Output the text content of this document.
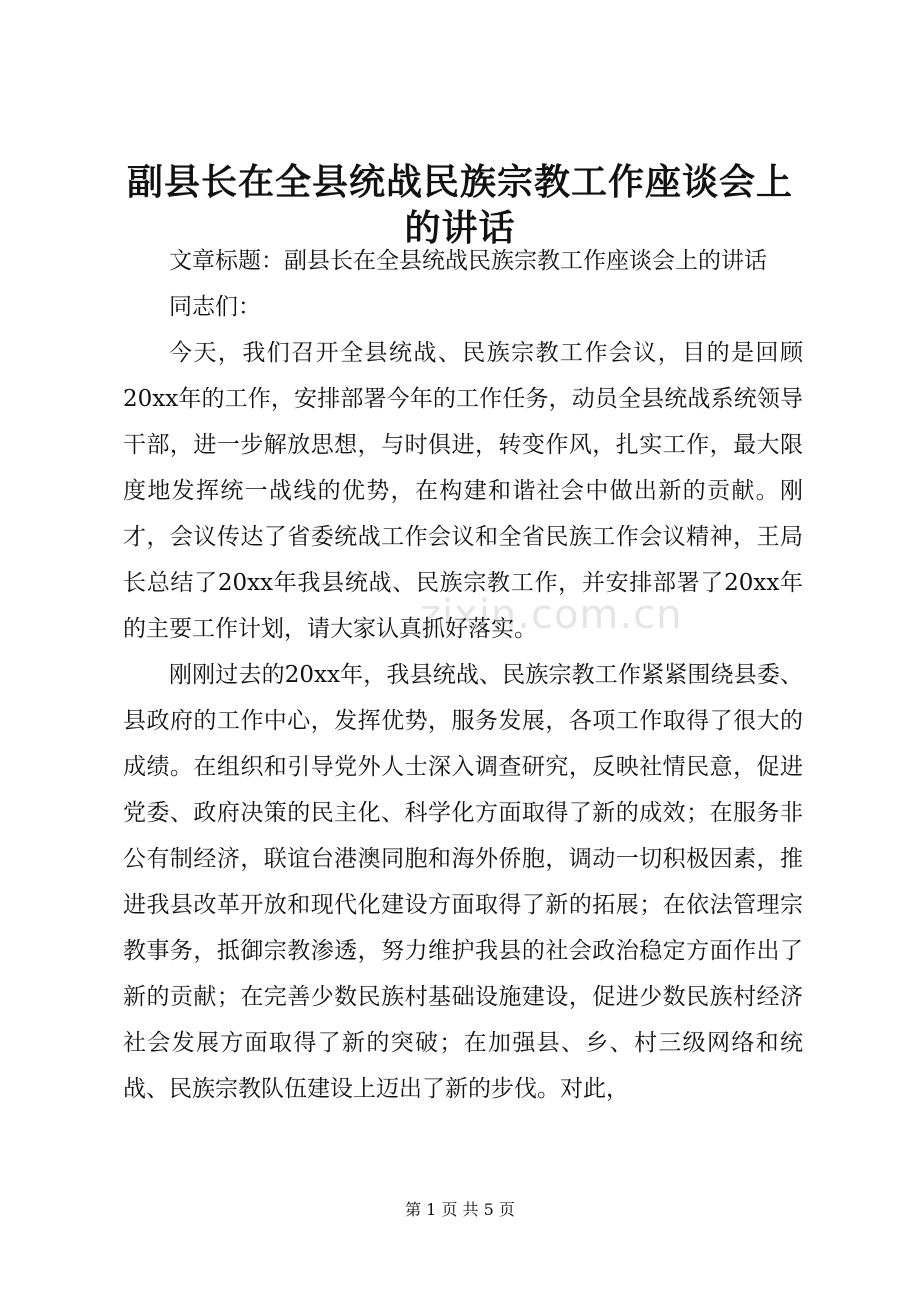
副县长在全县统战民族宗教工作座谈会上的讲话

文章标题：副县长在全县统战民族宗教工作座谈会上的讲话

同志们：

今天，我们召开全县统战、民族宗教工作会议，目的是回顾20xx年的工作，安排部署今年的工作任务，动员全县统战系统领导干部，进一步解放思想，与时俱进，转变作风，扎实工作，最大限度地发挥统一战线的优势，在构建和谐社会中做出新的贡献。刚才，会议传达了省委统战工作会议和全省民族工作会议精神，王局长总结了20xx年我县统战、民族宗教工作，并安排部署了20xx年的主要工作计划，请大家认真抓好落实。

刚刚过去的20xx年，我县统战、民族宗教工作紧紧围绕县委、县政府的工作中心，发挥优势，服务发展，各项工作取得了很大的成绩。在组织和引导党外人士深入调查研究，反映社情民意，促进党委、政府决策的民主化、科学化方面取得了新的成效；在服务非公有制经济，联谊台港澳同胞和海外侨胞，调动一切积极因素，推进我县改革开放和现代化建设方面取得了新的拓展；在依法管理宗教事务，抵御宗教渗透，努力维护我县的社会政治稳定方面作出了新的贡献；在完善少数民族村基础设施建设，促进少数民族村经济社会发展方面取得了新的突破；在加强县、乡、村三级网络和统战、民族宗教队伍建设上迈出了新的步伐。对此，

zixin.com.cn
第 1 页 共 5 页
